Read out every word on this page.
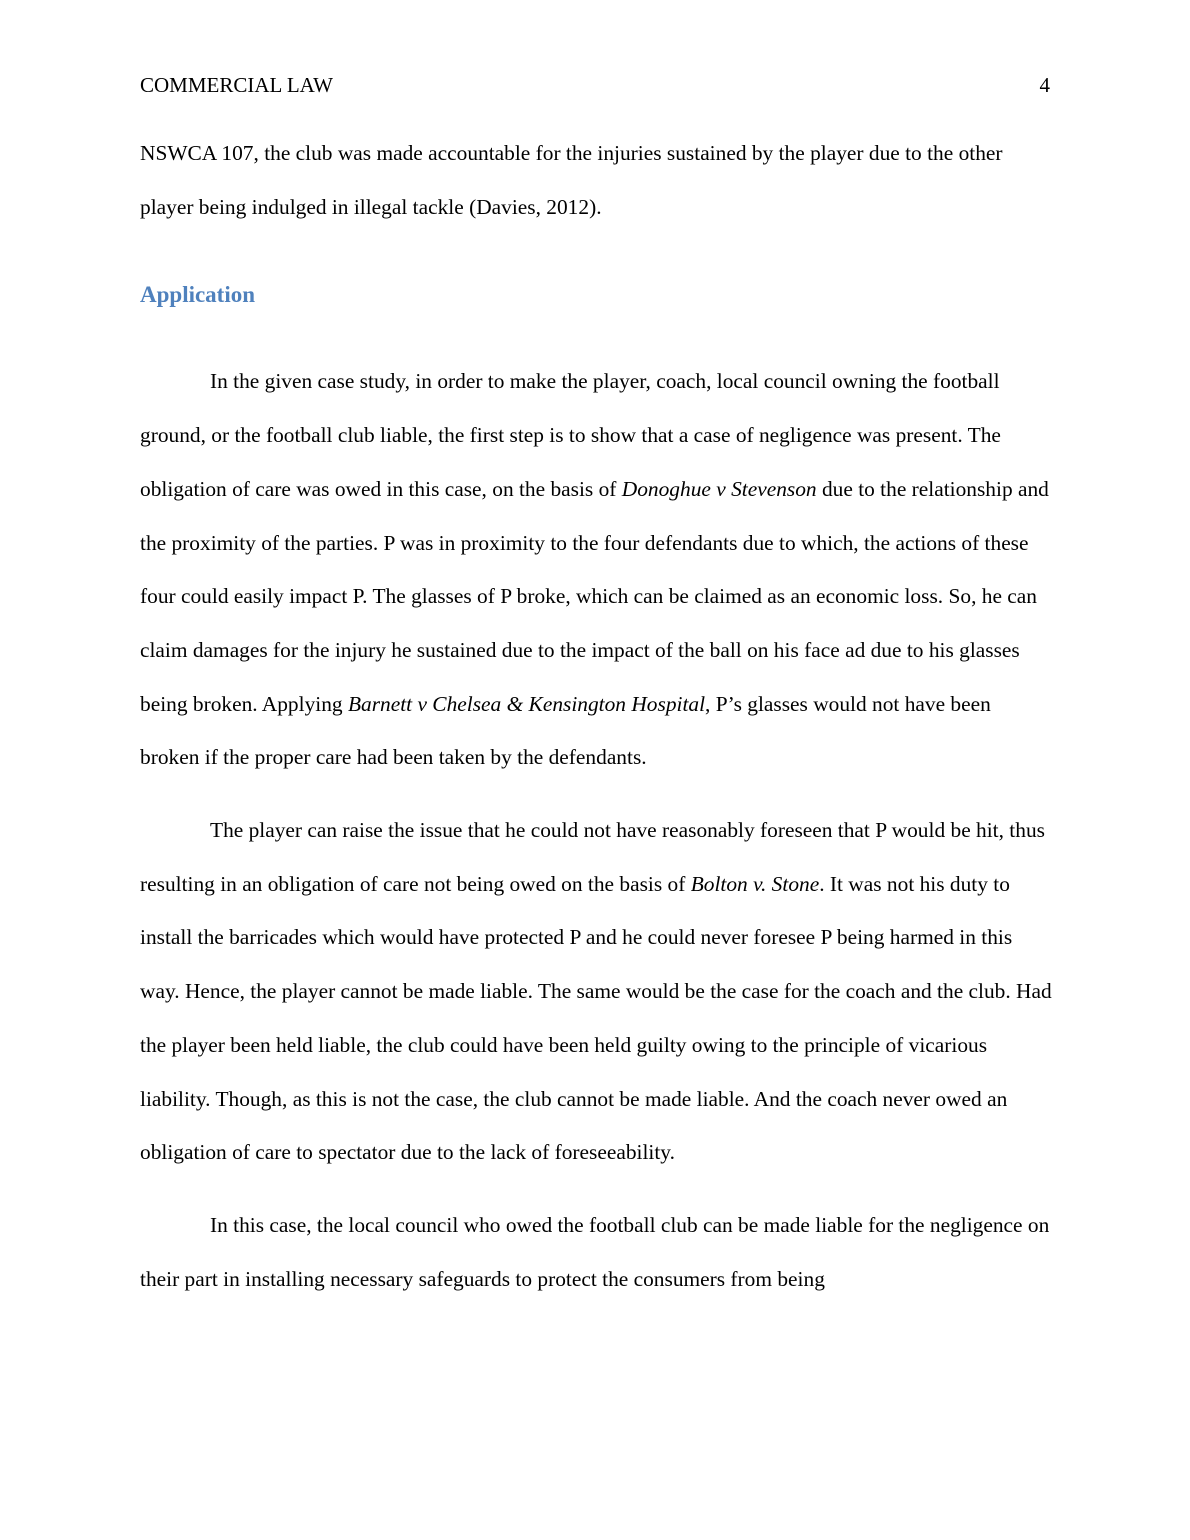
COMMERCIAL LAW	4

NSWCA 107, the club was made accountable for the injuries sustained by the player due to the other player being indulged in illegal tackle (Davies, 2012).

Application

In the given case study, in order to make the player, coach, local council owning the football ground, or the football club liable, the first step is to show that a case of negligence was present. The obligation of care was owed in this case, on the basis of Donoghue v Stevenson due to the relationship and the proximity of the parties. P was in proximity to the four defendants due to which, the actions of these four could easily impact P. The glasses of P broke, which can be claimed as an economic loss. So, he can claim damages for the injury he sustained due to the impact of the ball on his face ad due to his glasses being broken. Applying Barnett v Chelsea & Kensington Hospital, P’s glasses would not have been broken if the proper care had been taken by the defendants.

The player can raise the issue that he could not have reasonably foreseen that P would be hit, thus resulting in an obligation of care not being owed on the basis of Bolton v. Stone. It was not his duty to install the barricades which would have protected P and he could never foresee P being harmed in this way. Hence, the player cannot be made liable. The same would be the case for the coach and the club. Had the player been held liable, the club could have been held guilty owing to the principle of vicarious liability. Though, as this is not the case, the club cannot be made liable. And the coach never owed an obligation of care to spectator due to the lack of foreseeability.

In this case, the local council who owed the football club can be made liable for the negligence on their part in installing necessary safeguards to protect the consumers from being
